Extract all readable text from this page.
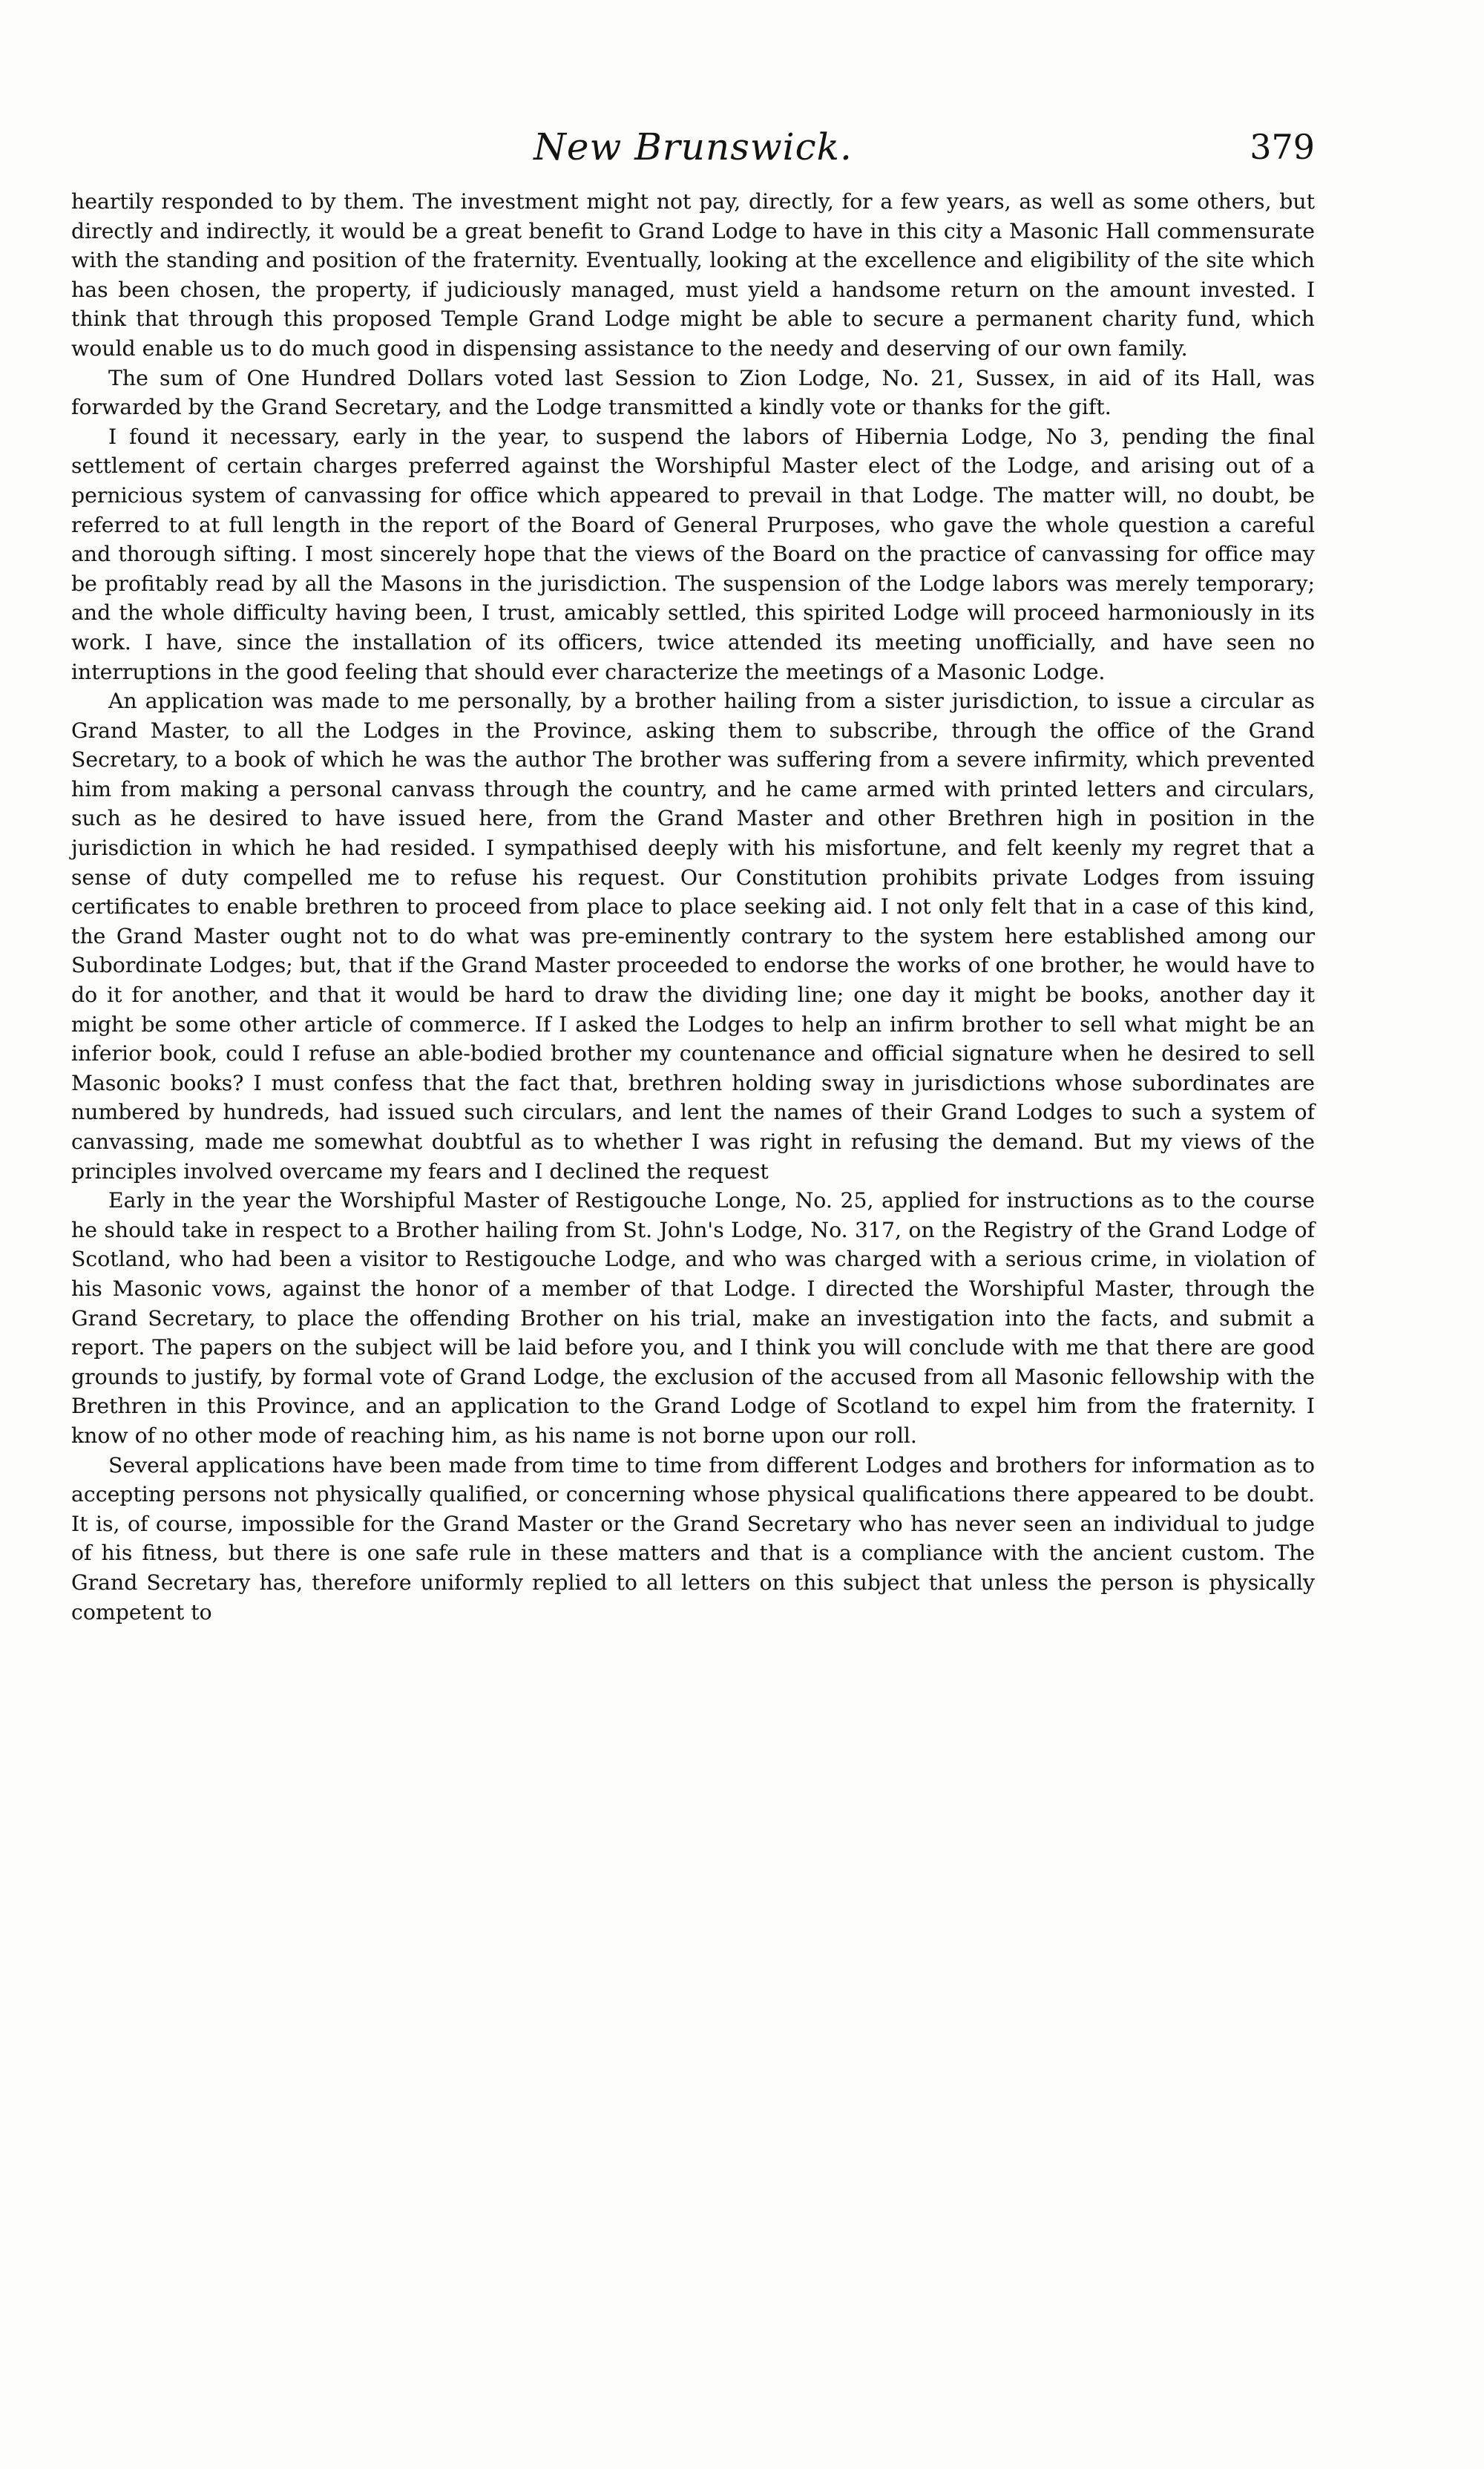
New Brunswick.	379

heartily responded to by them. The investment might not pay, directly, for a few years, as well as some others, but directly and indirectly, it would be a great benefit to Grand Lodge to have in this city a Masonic Hall commensurate with the standing and position of the fraternity. Eventually, looking at the excellence and eligibility of the site which has been chosen, the property, if judiciously managed, must yield a handsome return on the amount invested. I think that through this proposed Temple Grand Lodge might be able to secure a permanent charity fund, which would enable us to do much good in dispensing assistance to the needy and deserving of our own family.

The sum of One Hundred Dollars voted last Session to Zion Lodge, No. 21, Sussex, in aid of its Hall, was forwarded by the Grand Secretary, and the Lodge transmitted a kindly vote or thanks for the gift.

I found it necessary, early in the year, to suspend the labors of Hibernia Lodge, No 3, pending the final settlement of certain charges preferred against the Worshipful Master elect of the Lodge, and arising out of a pernicious system of canvassing for office which appeared to prevail in that Lodge. The matter will, no doubt, be referred to at full length in the report of the Board of General Prurposes, who gave the whole question a careful and thorough sifting. I most sincerely hope that the views of the Board on the practice of canvassing for office may be profitably read by all the Masons in the jurisdiction. The suspension of the Lodge labors was merely temporary; and the whole difficulty having been, I trust, amicably settled, this spirited Lodge will proceed harmoniously in its work. I have, since the installation of its officers, twice attended its meeting unofficially, and have seen no interruptions in the good feeling that should ever characterize the meetings of a Masonic Lodge.

An application was made to me personally, by a brother hailing from a sister jurisdiction, to issue a circular as Grand Master, to all the Lodges in the Province, asking them to subscribe, through the office of the Grand Secretary, to a book of which he was the author The brother was suffering from a severe infirmity, which prevented him from making a personal canvass through the country, and he came armed with printed letters and circulars, such as he desired to have issued here, from the Grand Master and other Brethren high in position in the jurisdiction in which he had resided. I sympathised deeply with his misfortune, and felt keenly my regret that a sense of duty compelled me to refuse his request. Our Constitution prohibits private Lodges from issuing certificates to enable brethren to proceed from place to place seeking aid. I not only felt that in a case of this kind, the Grand Master ought not to do what was pre-eminently contrary to the system here established among our Subordinate Lodges; but, that if the Grand Master proceeded to endorse the works of one brother, he would have to do it for another, and that it would be hard to draw the dividing line; one day it might be books, another day it might be some other article of commerce. If I asked the Lodges to help an infirm brother to sell what might be an inferior book, could I refuse an able-bodied brother my countenance and official signature when he desired to sell Masonic books? I must confess that the fact that, brethren holding sway in jurisdictions whose subordinates are numbered by hundreds, had issued such circulars, and lent the names of their Grand Lodges to such a system of canvassing, made me somewhat doubtful as to whether I was right in refusing the demand. But my views of the principles involved overcame my fears and I declined the request

Early in the year the Worshipful Master of Restigouche Longe, No. 25, applied for instructions as to the course he should take in respect to a Brother hailing from St. John's Lodge, No. 317, on the Registry of the Grand Lodge of Scotland, who had been a visitor to Restigouche Lodge, and who was charged with a serious crime, in violation of his Masonic vows, against the honor of a member of that Lodge. I directed the Worshipful Master, through the Grand Secretary, to place the offending Brother on his trial, make an investigation into the facts, and submit a report. The papers on the subject will be laid before you, and I think you will conclude with me that there are good grounds to justify, by formal vote of Grand Lodge, the exclusion of the accused from all Masonic fellowship with the Brethren in this Province, and an application to the Grand Lodge of Scotland to expel him from the fraternity. I know of no other mode of reaching him, as his name is not borne upon our roll.

Several applications have been made from time to time from different Lodges and brothers for information as to accepting persons not physically qualified, or concerning whose physical qualifications there appeared to be doubt. It is, of course, impossible for the Grand Master or the Grand Secretary who has never seen an individual to judge of his fitness, but there is one safe rule in these matters and that is a compliance with the ancient custom. The Grand Secretary has, therefore uniformly replied to all letters on this subject that unless the person is physically competent to
